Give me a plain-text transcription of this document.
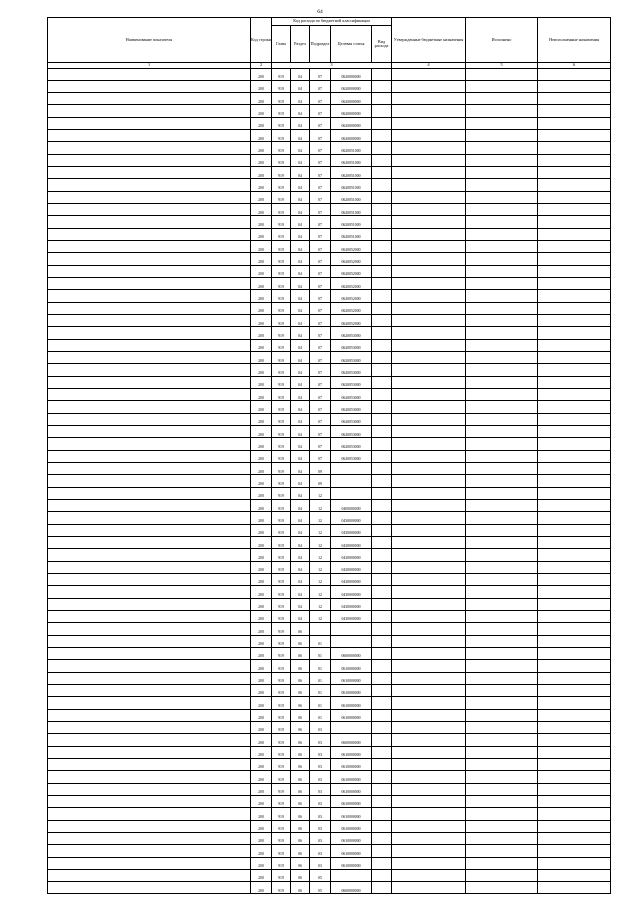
64
Наименование показателя	Код строки	Код расхода по бюджетной классификации					Утвержденные бюджетные назначения	Исполнено	Неисполненные назначения
		Глава	Раздел	Подраздел	Целевая статья	Вид расхода			
1	2	3					4	5	6
	200	919	04	07	0620000000				
	200	919	04	07	0620000000				
	200	919	04	07	0620000000				
	200	919	04	07	0620000000				
	200	919	04	07	0620000000				
	200	919	04	07	0620000000				
	200	919	04	07	0620051000				
	200	919	04	07	0620051000				
	200	919	04	07	0620051000				
	200	919	04	07	0620051000				
	200	919	04	07	0620051000				
	200	919	04	07	0620051000				
	200	919	04	07	0620051000				
	200	919	04	07	0620051000				
	200	919	04	07	0620052000				
	200	919	04	07	0620052000				
	200	919	04	07	0620052000				
	200	919	04	07	0620052000				
	200	919	04	07	0620052000				
	200	919	04	07	0620052000				
	200	919	04	07	0620052000				
	200	919	04	07	0620053000				
	200	919	04	07	0620053000				
	200	919	04	07	0620053000				
	200	919	04	07	0620053000				
	200	919	04	07	0620053000				
	200	919	04	07	0620053000				
	200	919	04	07	0620053000				
	200	919	04	07	0620053000				
	200	919	04	07	0620053000				
	200	919	04	07	0620053000				
	200	919	04	07	0620053000				
	200	919	04	09					
	200	919	04	09					
	200	919	04	12					
	200	919	04	12	0400000000				
	200	919	04	12	0430000000				
	200	919	04	12	0430000000				
	200	919	04	12	0430000000				
	200	919	04	12	0430000000				
	200	919	04	12	0430000000				
	200	919	04	12	0430000000				
	200	919	04	12	0430000000				
	200	919	04	12	0430000000				
	200	919	04	12	0430000000				
	200	919	06						
	200	919	06	01					
	200	919	06	01	0600000000				
	200	919	06	01	0610000000				
	200	919	06	01	0610000000				
	200	919	06	01	0610000000				
	200	919	06	01	0610000000				
	200	919	06	01	0610000000				
	200	919	06	03					
	200	919	06	03	0600000000				
	200	919	06	03	0610000000				
	200	919	06	03	0610000000				
	200	919	06	03	0610000000				
	200	919	06	03	0610000000				
	200	919	06	03	0610000000				
	200	919	06	03	0610000000				
	200	919	06	03	0610000000				
	200	919	06	03	0610000000				
	200	919	06	03	0610000000				
	200	919	06	03	0610000000				
	200	919	06	05					
	200	919	06	05	0600000000				
